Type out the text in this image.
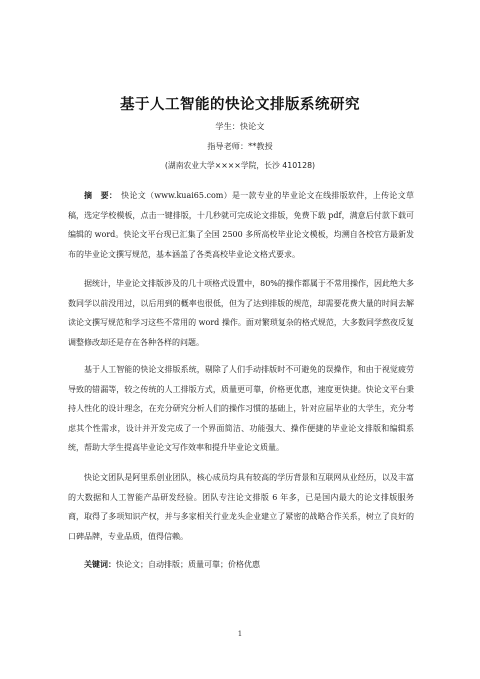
基于人工智能的快论文排版系统研究
学生：快论文
指导老师：**教授
(湖南农业大学××××学院，长沙 410128)
摘　要： 快论文（www.kuai65.com）是一款专业的毕业论文在线排版软件，上传论文草稿，选定学校模板，点击一键排版，十几秒就可完成论文排版，免费下载 pdf，满意后付款下载可编辑的 word。快论文平台现已汇集了全国 2500 多所高校毕业论文模板，均溯自各校官方最新发布的毕业论文撰写规范，基本涵盖了各类高校毕业论文格式要求。
据统计，毕业论文排版涉及的几十项格式设置中，80%的操作都属于不常用操作，因此绝大多数同学以前没用过，以后用到的概率也很低，但为了达到排版的规范，却需要花费大量的时间去解读论文撰写规范和学习这些不常用的 word 操作。面对繁琐复杂的格式规范，大多数同学熬夜反复调整修改却还是存在各种各样的问题。
基于人工智能的快论文排版系统，剔除了人们手动排版时不可避免的误操作，和由于视觉疲劳导致的错漏等，较之传统的人工排版方式，质量更可靠，价格更优惠，速度更快捷。快论文平台秉持人性化的设计理念，在充分研究分析人们的操作习惯的基础上，针对应届毕业的大学生，充分考虑其个性需求，设计并开发完成了一个界面简洁、功能强大、操作便捷的毕业论文排版和编辑系统，帮助大学生提高毕业论文写作效率和提升毕业论文质量。
快论文团队是阿里系创业团队，核心成员均具有较高的学历背景和互联网从业经历，以及丰富的大数据和人工智能产品研发经验。团队专注论文排版 6 年多，已是国内最大的论文排版服务商，取得了多项知识产权，并与多家相关行业龙头企业建立了紧密的战略合作关系，树立了良好的口碑品牌，专业品质，值得信赖。
关键词：快论文；自动排版；质量可靠；价格优惠
1
